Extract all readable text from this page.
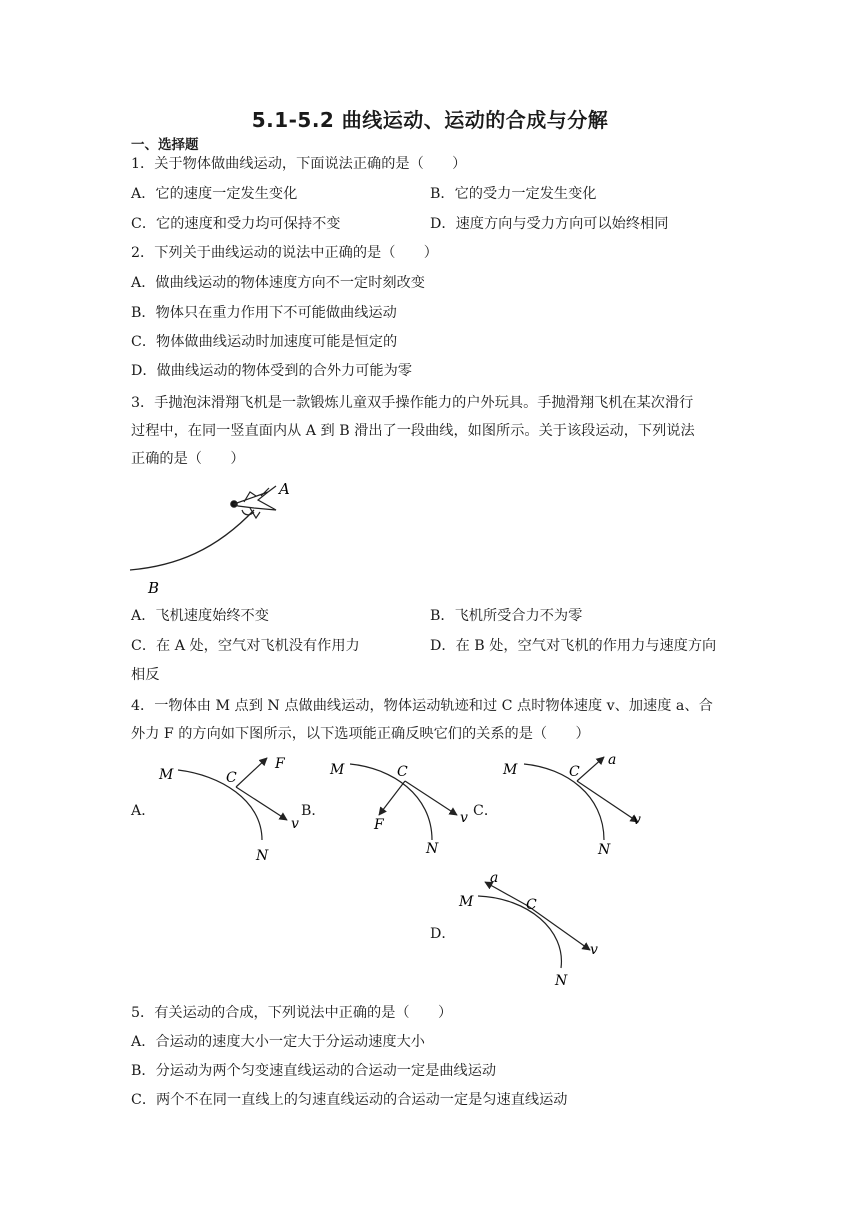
5.1-5.2 曲线运动、运动的合成与分解
一、选择题
1．关于物体做曲线运动，下面说法正确的是（　　）
A．它的速度一定发生变化	B．它的受力一定发生变化
C．它的速度和受力均可保持不变	D．速度方向与受力方向可以始终相同
2．下列关于曲线运动的说法中正确的是（　　）
A．做曲线运动的物体速度方向不一定时刻改变
B．物体只在重力作用下不可能做曲线运动
C．物体做曲线运动时加速度可能是恒定的
D．做曲线运动的物体受到的合外力可能为零
3．手抛泡沫滑翔飞机是一款锻炼儿童双手操作能力的户外玩具。手抛滑翔飞机在某次滑行
过程中，在同一竖直面内从 A 到 B 滑出了一段曲线，如图所示。关于该段运动，下列说法
正确的是（　　）
A
B
A．飞机速度始终不变	B．飞机所受合力不为零
C．在 A 处，空气对飞机没有作用力	D．在 B 处，空气对飞机的作用力与速度方向
相反
4．一物体由 M 点到 N 点做曲线运动，物体运动轨迹和过 C 点时物体速度 v、加速度 a、合
外力 F 的方向如下图所示，以下选项能正确反映它们的关系的是（　　）
A．	B．	C．
D．
M	C
F
v
N
M	C
F	v
N
M	C
a
v
N
M	C
a
v
N
5．有关运动的合成，下列说法中正确的是（　　）
A．合运动的速度大小一定大于分运动速度大小
B．分运动为两个匀变速直线运动的合运动一定是曲线运动
C．两个不在同一直线上的匀速直线运动的合运动一定是匀速直线运动
